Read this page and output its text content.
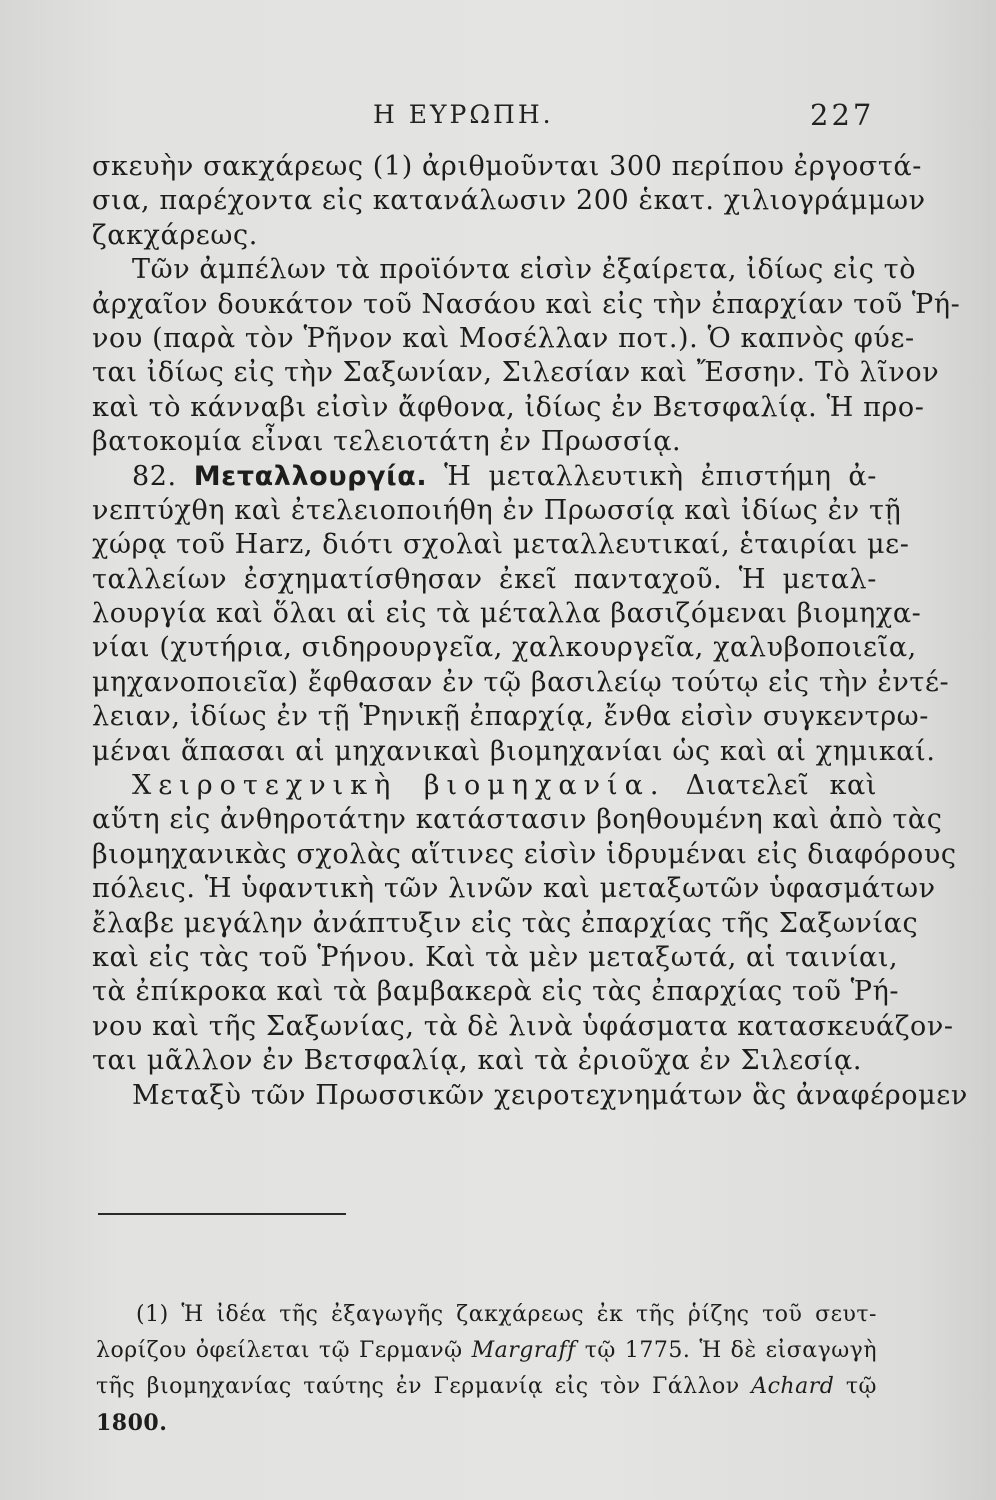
Η ΕΥΡΩΠΗ.	227
σκευὴν σακχάρεως (1) ἀριθμοῦνται 300 περίπου ἐργοστά-
σια, παρέχοντα εἰς κατανάλωσιν 200 ἑκατ. χιλιογράμμων
ζακχάρεως.
Τῶν ἀμπέλων τὰ προϊόντα εἰσὶν ἐξαίρετα, ἰδίως εἰς τὸ
ἀρχαῖον δουκάτον τοῦ Νασάου καὶ εἰς τὴν ἐπαρχίαν τοῦ Ῥή-
νου (παρὰ τὸν Ῥῆνον καὶ Μοσέλλαν ποτ.). Ὁ καπνὸς φύε-
ται ἰδίως εἰς τὴν Σαξωνίαν, Σιλεσίαν καὶ Ἔσσην. Τὸ λῖνον
καὶ τὸ κάνναβι εἰσὶν ἄφθονα, ἰδίως ἐν Βετσφαλίᾳ. Ἡ προ-
βατοκομία εἶναι τελειοτάτη ἐν Πρωσσίᾳ.
82. Μεταλλουργία. Ἡ μεταλλευτικὴ ἐπιστήμη ἀ-
νεπτύχθη καὶ ἐτελειοποιήθη ἐν Πρωσσίᾳ καὶ ἰδίως ἐν τῇ
χώρᾳ τοῦ Harz, διότι σχολαὶ μεταλλευτικαί, ἑταιρίαι με-
ταλλείων ἐσχηματίσθησαν ἐκεῖ πανταχοῦ. Ἡ μεταλ-
λουργία καὶ ὅλαι αἱ εἰς τὰ μέταλλα βασιζόμεναι βιομηχα-
νίαι (χυτήρια, σιδηρουργεῖα, χαλκουργεῖα, χαλυβοποιεῖα,
μηχανοποιεῖα) ἔφθασαν ἐν τῷ βασιλείῳ τούτῳ εἰς τὴν ἐντέ-
λειαν, ἰδίως ἐν τῇ Ῥηνικῇ ἐπαρχίᾳ, ἔνθα εἰσὶν συγκεντρω-
μέναι ἅπασαι αἱ μηχανικαὶ βιομηχανίαι ὡς καὶ αἱ χημικαί.
Χειροτεχνικὴ βιομηχανία. Διατελεῖ καὶ
αὕτη εἰς ἀνθηροτάτην κατάστασιν βοηθουμένη καὶ ἀπὸ τὰς
βιομηχανικὰς σχολὰς αἵτινες εἰσὶν ἱδρυμέναι εἰς διαφόρους
πόλεις. Ἡ ὑφαντικὴ τῶν λινῶν καὶ μεταξωτῶν ὑφασμάτων
ἔλαβε μεγάλην ἀνάπτυξιν εἰς τὰς ἐπαρχίας τῆς Σαξωνίας
καὶ εἰς τὰς τοῦ Ῥήνου. Καὶ τὰ μὲν μεταξωτά, αἱ ταινίαι,
τὰ ἐπίκροκα καὶ τὰ βαμβακερὰ εἰς τὰς ἐπαρχίας τοῦ Ῥή-
νου καὶ τῆς Σαξωνίας, τὰ δὲ λινὰ ὑφάσματα κατασκευάζον-
ται μᾶλλον ἐν Βετσφαλίᾳ, καὶ τὰ ἐριοῦχα ἐν Σιλεσίᾳ.
Μεταξὺ τῶν Πρωσσικῶν χειροτεχνημάτων ἃς ἀναφέρομεν
(1) Ἡ ἰδέα τῆς ἐξαγωγῆς ζακχάρεως ἐκ τῆς ῥίζης τοῦ σευτ-
λορίζου ὀφείλεται τῷ Γερμανῷ Margraff τῷ 1775. Ἡ δὲ εἰσαγωγὴ
τῆς βιομηχανίας ταύτης ἐν Γερμανίᾳ εἰς τὸν Γάλλον Achard τῷ
1800.
